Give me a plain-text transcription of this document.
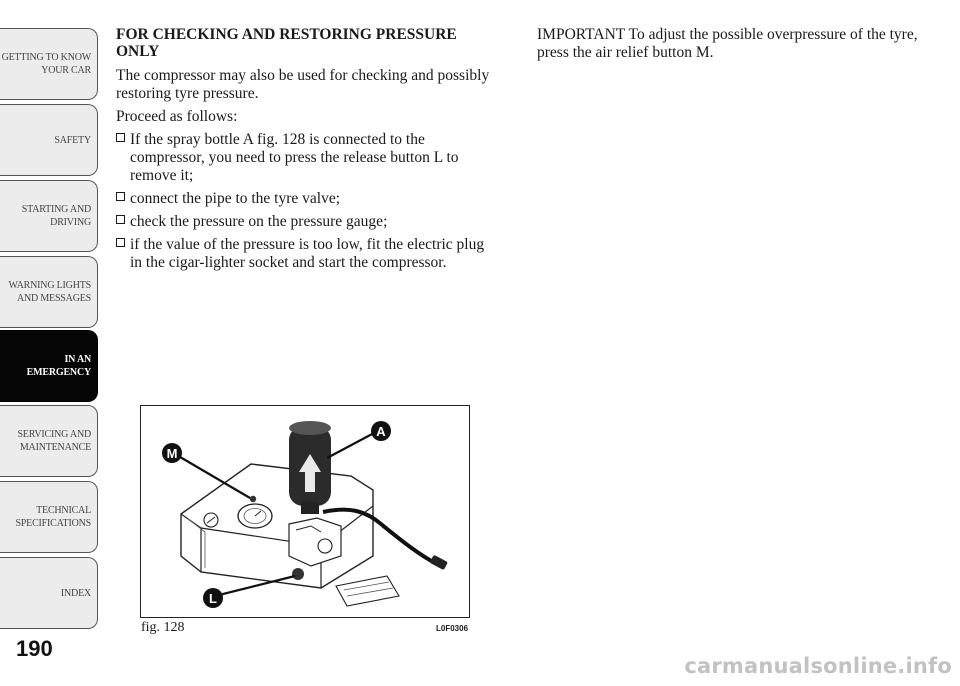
GETTING TO KNOW
YOUR CAR
SAFETY
STARTING AND
DRIVING
WARNING LIGHTS
AND MESSAGES
IN AN EMERGENCY
SERVICING AND
MAINTENANCE
TECHNICAL
SPECIFICATIONS
INDEX
190
FOR CHECKING AND RESTORING PRESSURE ONLY

The compressor may also be used for checking and possibly restoring tyre pressure.

Proceed as follows:

If the spray bottle A fig. 128 is connected to the compressor, you need to press the release button L to remove it;
connect the pipe to the tyre valve;
check the pressure on the pressure gauge;
if the value of the pressure is too low, fit the electric plug in the cigar-lighter socket and start the compressor.

IMPORTANT To adjust the possible overpressure of the tyre, press the air relief button M.

A
M
L
fig. 128	L0F0306
carmanualsonline.info
